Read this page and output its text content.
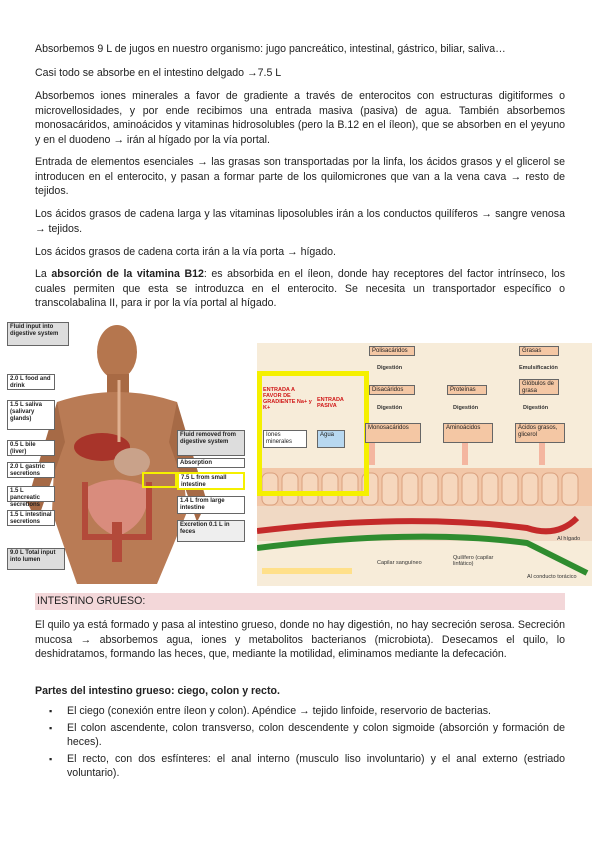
Absorbemos 9 L de jugos en nuestro organismo: jugo pancreático, intestinal, gástrico, biliar, saliva…

Casi todo se absorbe en el intestino delgado →7.5 L

Absorbemos iones minerales a favor de gradiente a través de enterocitos con estructuras digitiformes o microvellosidades, y por ende recibimos una entrada masiva (pasiva) de agua. También absorbemos monosacáridos, aminoácidos y vitaminas hidrosolubles (pero la B.12 en el íleon), que se absorben en el yeyuno y en el duodeno → irán al hígado por la vía portal.

Entrada de elementos esenciales → las grasas son transportadas por la linfa, los ácidos grasos y el glicerol se introducen en el enterocito, y pasan a formar parte de los quilomicrones que van a la vena cava → resto de tejidos.

Los ácidos grasos de cadena larga y las vitaminas liposolubles irán a los conductos quilíferos → sangre venosa → tejidos.

Los ácidos grasos de cadena corta irán a la vía porta → hígado.

La absorción de la vitamina B12: es absorbida en el íleon, donde hay receptores del factor intrínseco, los cuales permiten que esta se introduzca en el enterocito. Se necesita un transportador específico o transcolabalina II, para ir por la vía portal al hígado.

Fluid input into digestive system
2.0 L food and drink
1.5 L saliva (salivary glands)
0.5 L bile (liver)
2.0 L gastric secretions
1.5 L pancreatic secretions
1.5 L intestinal secretions
9.0 L Total input into lumen
Fluid removed from digestive system
Absorption
7.5 L from small intestine
1.4 L from large intestine
Excretion 0.1 L in feces
ENTRADA A FAVOR DE GRADIENTE Na+ y K+
ENTRADA PASIVA
Iones minerales
Agua
Polisacáridos
Digestión
Disacáridos
Digestión
Monosacáridos
Proteínas
Digestión
Aminoácidos
Grasas
Emulsificación
Glóbulos de grasa
Digestión
Ácidos grasos, glicerol
Capilar sanguíneo
Quilífero (capilar linfático)
Al hígado
Al conducto torácico
INTESTINO GRUESO:

El quilo ya está formado y pasa al intestino grueso, donde no hay digestión, no hay secreción serosa. Secreción mucosa → absorbemos agua, iones y metabolitos bacterianos (microbiota). Desecamos el quilo, lo deshidratamos, formando las heces, que, mediante la motilidad, eliminamos mediante la defecación.

Partes del intestino grueso: ciego, colon y recto.

▪ El ciego (conexión entre íleon y colon). Apéndice → tejido linfoide, reservorio de bacterias.
▪ El colon ascendente, colon transverso, colon descendente y colon sigmoide (absorción y formación de heces).
▪ El recto, con dos esfínteres: el anal interno (musculo liso involuntario) y el anal externo (estriado voluntario).
